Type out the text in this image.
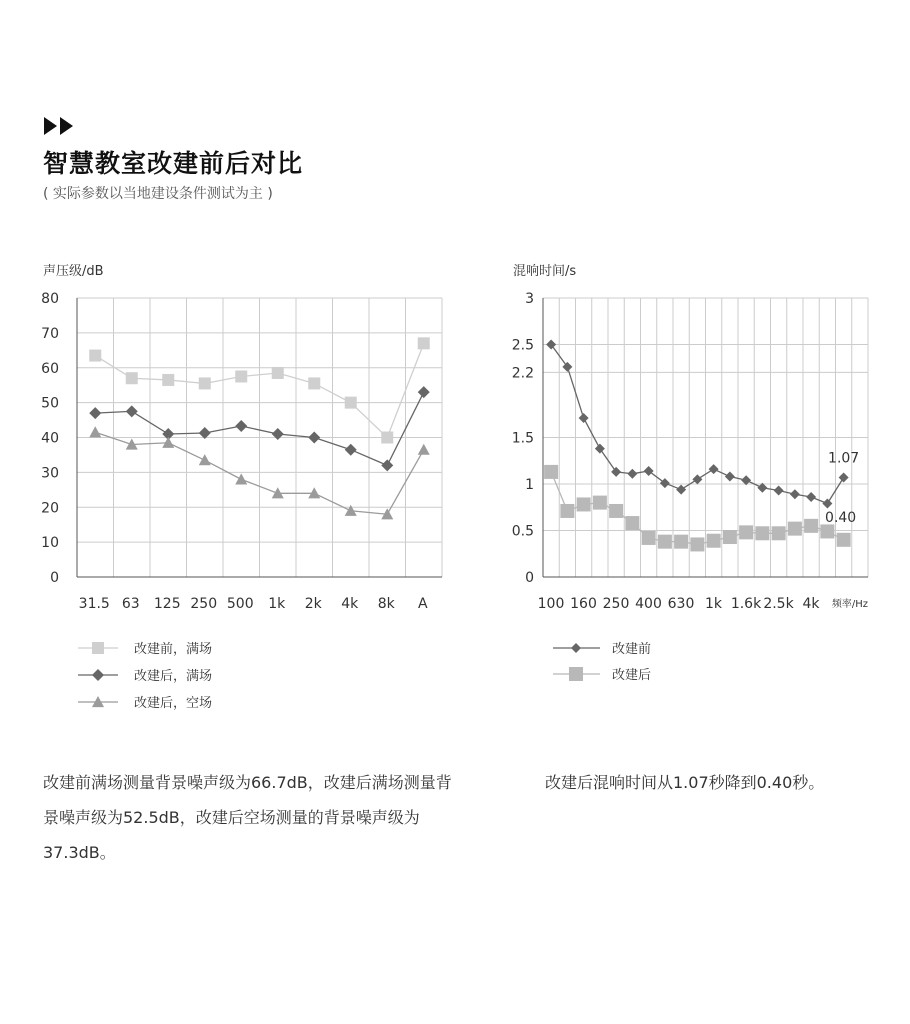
智慧教室改建前后对比
( 实际参数以当地建设条件测试为主 )
声压级/dB
0
10
20
30
40
50
60
70
80
31.5 63 125 250 500 1k 2k 4k 8k A
改建前，满场
改建后，满场
改建后，空场
混响时间/s
0
0.5
1
1.5
2.2
2.5
3
100 160 250 400 630 1k 1.6k 2.5k 4k 频率/Hz
1.07
0.40
改建前
改建后

改建前满场测量背景噪声级为66.7dB，改建后满场测量背景噪声级为52.5dB，改建后空场测量的背景噪声级为37.3dB。

改建后混响时间从1.07秒降到0.40秒。
